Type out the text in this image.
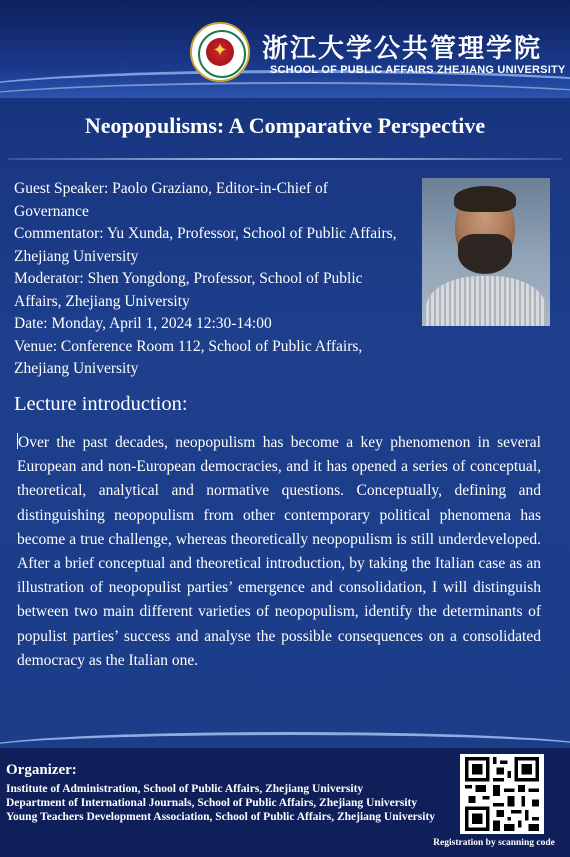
✦	浙江大学公共管理学院
SCHOOL OF PUBLIC AFFAIRS ZHEJIANG UNIVERSITY
Neopopulisms: A Comparative Perspective
Guest Speaker: Paolo Graziano, Editor-in-Chief of Governance
Commentator: Yu Xunda, Professor, School of Public Affairs, Zhejiang University
Moderator: Shen Yongdong, Professor, School of Public Affairs, Zhejiang University
Date: Monday, April 1, 2024 12:30-14:00
Venue: Conference Room 112, School of Public Affairs, Zhejiang University
Lecture introduction:
Over the past decades, neopopulism has become a key phenomenon in several European and non-European democracies, and it has opened a series of conceptual, theoretical, analytical and normative questions. Conceptually, defining and distinguishing neopopulism from other contemporary political phenomena has become a true challenge, whereas theoretically neopopulism is still underdeveloped. After a brief conceptual and theoretical introduction, by taking the Italian case as an illustration of neopopulist parties’ emergence and consolidation, I will distinguish between two main different varieties of neopopulism, identify the determinants of populist parties’ success and analyse the possible consequences on a consolidated democracy as the Italian one.
Organizer:
Institute of Administration, School of Public Affairs, Zhejiang University
Department of International Journals, School of Public Affairs, Zhejiang University
Young Teachers Development Association, School of Public Affairs, Zhejiang University
Registration by scanning code
